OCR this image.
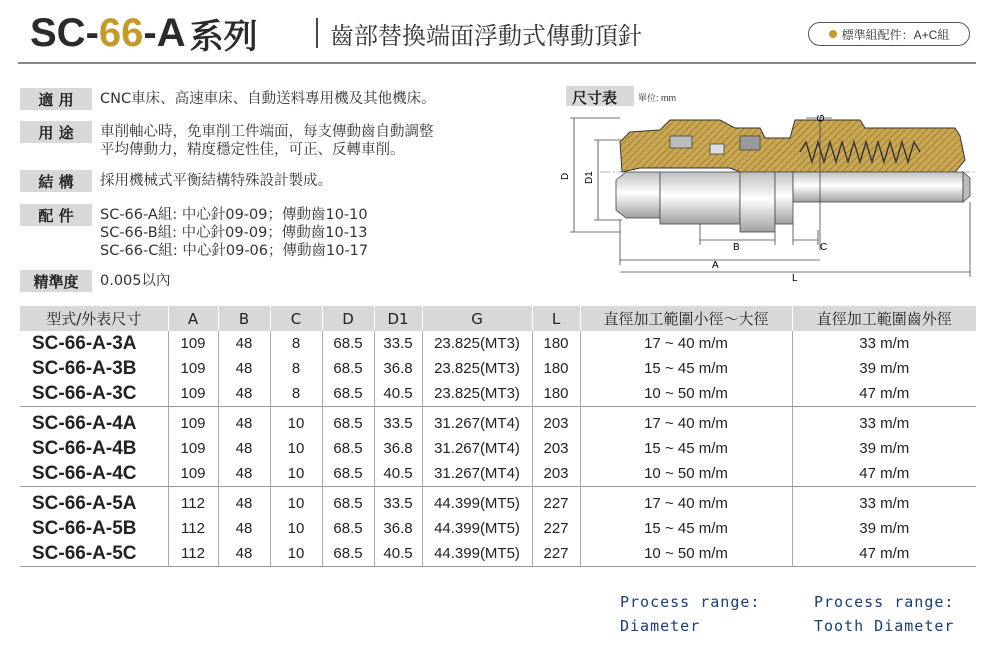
SC- 66 -A 系列	齒部替換端面浮動式傳動頂針	標準組配件：A+C組
適 用	CNC車床、高速車床、自動送料專用機及其他機床。
用 途	車削軸心時，免車削工件端面，每支傳動齒自動調整
平均傳動力，精度穩定性佳，可正、反轉車削。
結 構	採用機械式平衡結構特殊設計製成。
配 件	SC-66-A組: 中心針09-09；傳動齒10-10
SC-66-B組: 中心針09-09；傳動齒10-13
SC-66-C組: 中心針09-06；傳動齒10-17
精準度	0.005以內
尺寸表	單位: mm
D D1
G
B	C
A
L
型式/外表尺寸	A	B	C	D	D1	G	L	直徑加工範圍小徑～大徑	直徑加工範圍齒外徑
SC-66-A-3A	109	48	8	68.5	33.5	23.825(MT3)	180	17 ~ 40 m/m	33 m/m
SC-66-A-3B	109	48	8	68.5	36.8	23.825(MT3)	180	15 ~ 45 m/m	39 m/m
SC-66-A-3C	109	48	8	68.5	40.5	23.825(MT3)	180	10 ~ 50 m/m	47 m/m
SC-66-A-4A	109	48	10	68.5	33.5	31.267(MT4)	203	17 ~ 40 m/m	33 m/m
SC-66-A-4B	109	48	10	68.5	36.8	31.267(MT4)	203	15 ~ 45 m/m	39 m/m
SC-66-A-4C	109	48	10	68.5	40.5	31.267(MT4)	203	10 ~ 50 m/m	47 m/m
SC-66-A-5A	112	48	10	68.5	33.5	44.399(MT5)	227	17 ~ 40 m/m	33 m/m
SC-66-A-5B	112	48	10	68.5	36.8	44.399(MT5)	227	15 ~ 45 m/m	39 m/m
SC-66-A-5C	112	48	10	68.5	40.5	44.399(MT5)	227	10 ~ 50 m/m	47 m/m
Process range:
Diameter
Process range:
Tooth Diameter
